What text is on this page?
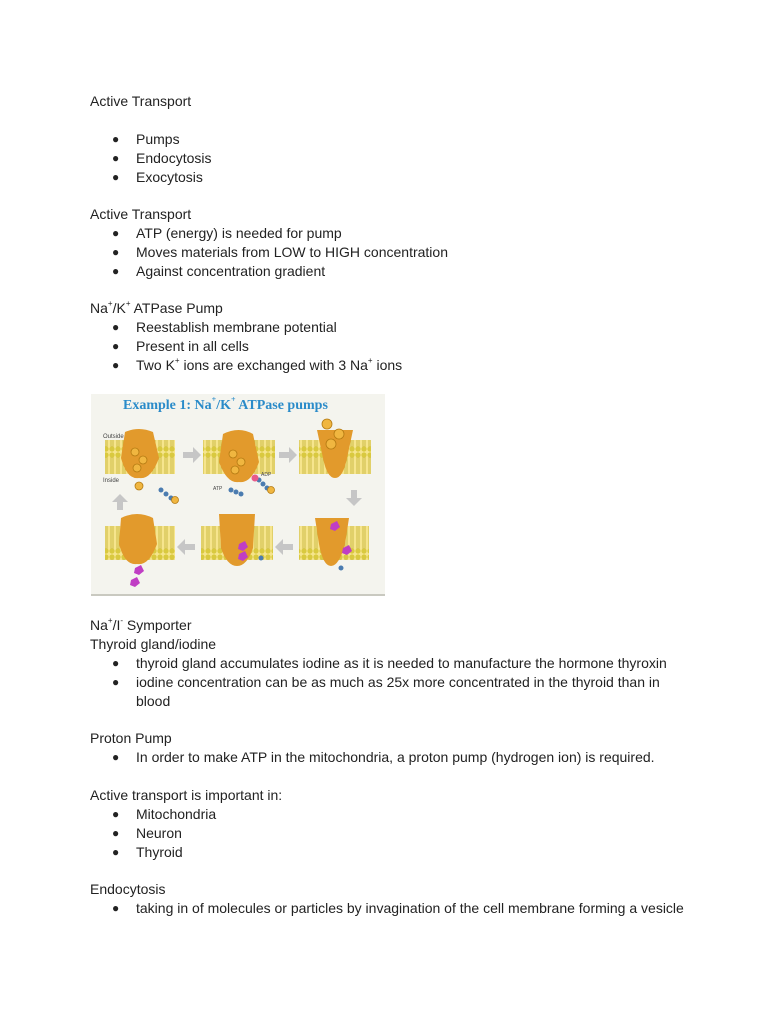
Active Transport
● Pumps
● Endocytosis
● Exocytosis
Active Transport
● ATP (energy) is needed for pump
● Moves materials from LOW to HIGH concentration
● Against concentration gradient
Na+/K+ ATPase Pump
● Reestablish membrane potential
● Present in all cells
● Two K+ ions are exchanged with 3 Na+ ions
Example 1: Na+/K+ ATPase pumps
Outside
Inside
ADP
ATP
Na+/I- Symporter
Thyroid gland/iodine
● thyroid gland accumulates iodine as it is needed to manufacture the hormone thyroxin
● iodine concentration can be as much as 25x more concentrated in the thyroid than in
blood
Proton Pump
● In order to make ATP in the mitochondria, a proton pump (hydrogen ion) is required.
Active transport is important in:
● Mitochondria
● Neuron
● Thyroid
Endocytosis
● taking in of molecules or particles by invagination of the cell membrane forming a vesicle
